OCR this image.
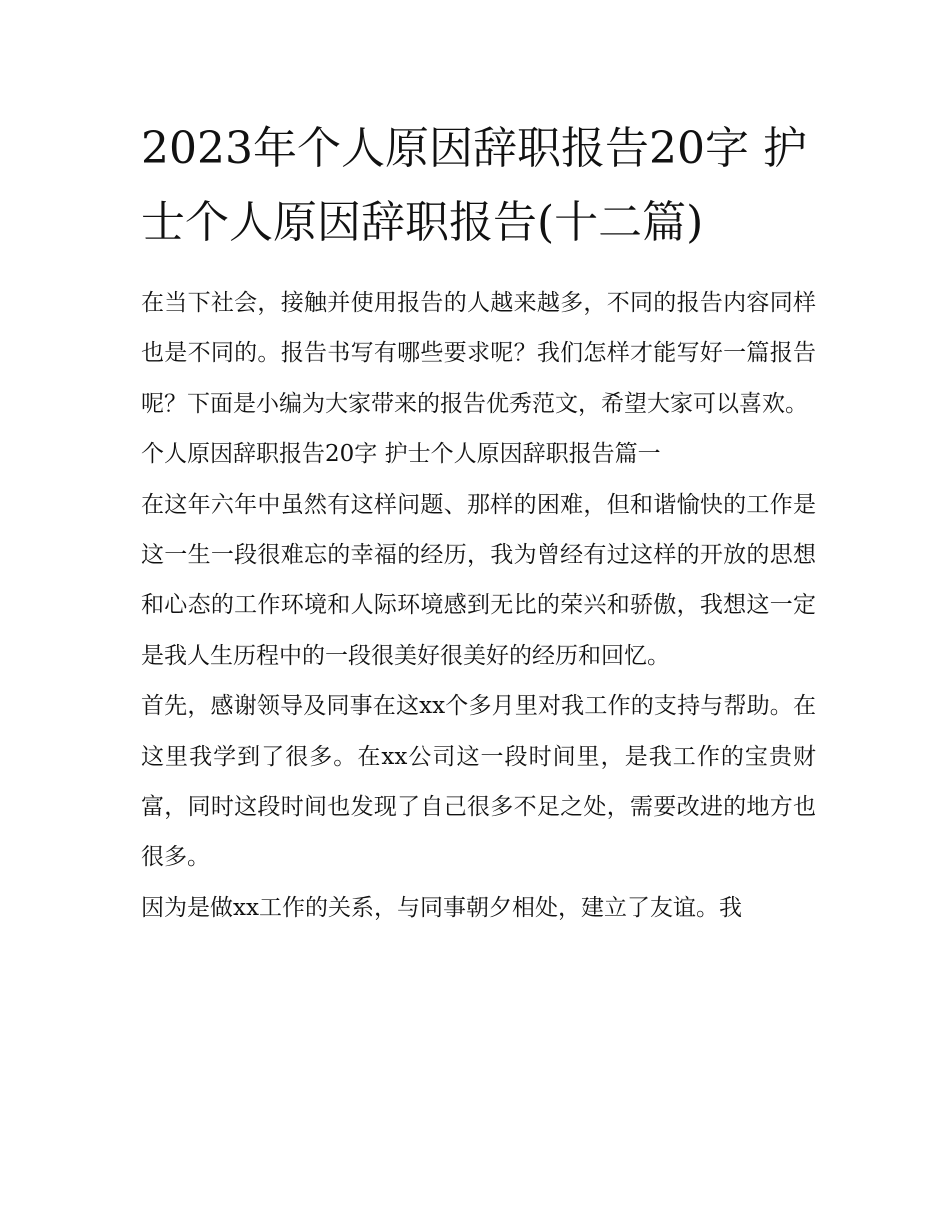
2023年个人原因辞职报告20字 护士个人原因辞职报告(十二篇)

在当下社会，接触并使用报告的人越来越多，不同的报告内容同样也是不同的。报告书写有哪些要求呢？我们怎样才能写好一篇报告呢？下面是小编为大家带来的报告优秀范文，希望大家可以喜欢。

个人原因辞职报告20字 护士个人原因辞职报告篇一

在这年六年中虽然有这样问题、那样的困难，但和谐愉快的工作是这一生一段很难忘的幸福的经历，我为曾经有过这样的开放的思想和心态的工作环境和人际环境感到无比的荣兴和骄傲，我想这一定是我人生历程中的一段很美好很美好的经历和回忆。

首先，感谢领导及同事在这xx个多月里对我工作的支持与帮助。在这里我学到了很多。在xx公司这一段时间里，是我工作的宝贵财富，同时这段时间也发现了自己很多不足之处，需要改进的地方也很多。

因为是做xx工作的关系，与同事朝夕相处，建立了友谊。我
